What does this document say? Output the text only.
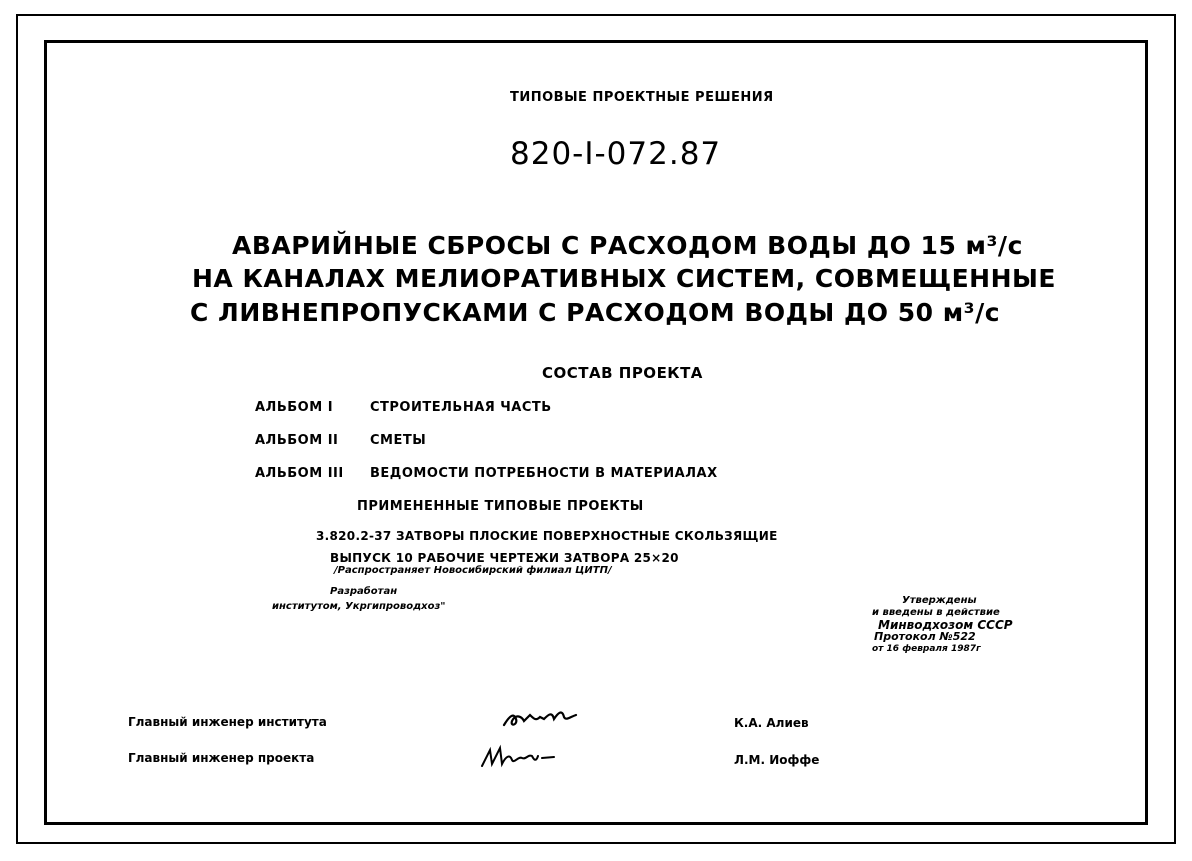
ТИПОВЫЕ ПРОЕКТНЫЕ РЕШЕНИЯ
820-І-072.87
АВАРИЙНЫЕ СБРОСЫ С РАСХОДОМ ВОДЫ ДО 15 м³/с
НА КАНАЛАХ МЕЛИОРАТИВНЫХ СИСТЕМ, СОВМЕЩЕННЫЕ
С ЛИВНЕПРОПУСКАМИ С РАСХОДОМ ВОДЫ ДО 50 м³/с
СОСТАВ ПРОЕКТА
АЛЬБОМ I	СТРОИТЕЛЬНАЯ ЧАСТЬ
АЛЬБОМ II СМЕТЫ
АЛЬБОМ III ВЕДОМОСТИ ПОТРЕБНОСТИ В МАТЕРИАЛАХ
ПРИМЕНЕННЫЕ ТИПОВЫЕ ПРОЕКТЫ
3.820.2-37 ЗАТВОРЫ ПЛОСКИЕ ПОВЕРХНОСТНЫЕ СКОЛЬЗЯЩИЕ
ВЫПУСК 10 РАБОЧИЕ ЧЕРТЕЖИ ЗАТВОРА 25×20
/Распространяет Новосибирский филиал ЦИТП/
Разработан
институтом, Укргипроводхоз"
Утверждены
и введены в действие
Минводхозом СССР
Протокол №522
от 16 февраля 1987г
Главный инженер института	К.А. Алиев
Главный инженер проекта	Л.М. Иоффе
